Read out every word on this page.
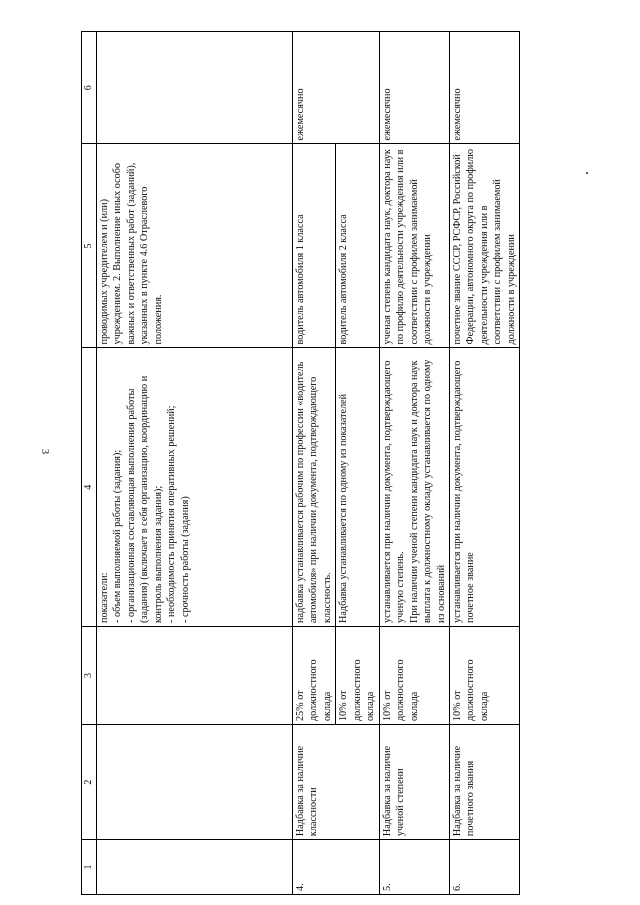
3
1	2	3	4	5	6

			показатели: - объем выполняемой работы (задания); - организационная составляющая выполнения работы (задания) (включает в себя организацию, координацию и контроль выполнения задания); - необходимость принятия оперативных решений; - срочность работы (задания)	проводимых учредителем и (или) учреждением. 2. Выполнение иных особо важных и ответственных работ (заданий), указанных в пункте 4.6 Отраслевого положения.	
4.	Надбавка за наличие классности	25% от должностного оклада	надбавка устанавливается рабочим по профессии «водитель автомобиля» при наличии документа, подтверждающего классность.	водитель автомобиля 1 класса	ежемесячно
		10% от должностного оклада	Надбавка устанавливается по одному из показателей	водитель автомобиля 2 класса	
5.	Надбавка за наличие ученой степени	10% от должностного оклада	устанавливается при наличии документа, подтверждающего ученую степень. При наличии ученой степени кандидата наук и доктора наук выплата к должностному окладу устанавливается по одному из оснований	ученая степень кандидата наук, доктора наук по профилю деятельности учреждения или в соответствии с профилем занимаемой должности в учреждении	ежемесячно
6.	Надбавка за наличие почетного звания	10% от должностного оклада	устанавливается при наличии документа, подтверждающего почетное звание	почетное звание СССР, РСФСР, Российской Федерации, автономного округа по профилю деятельности учреждения или в соответствии с профилем занимаемой должности в учреждении	ежемесячно
